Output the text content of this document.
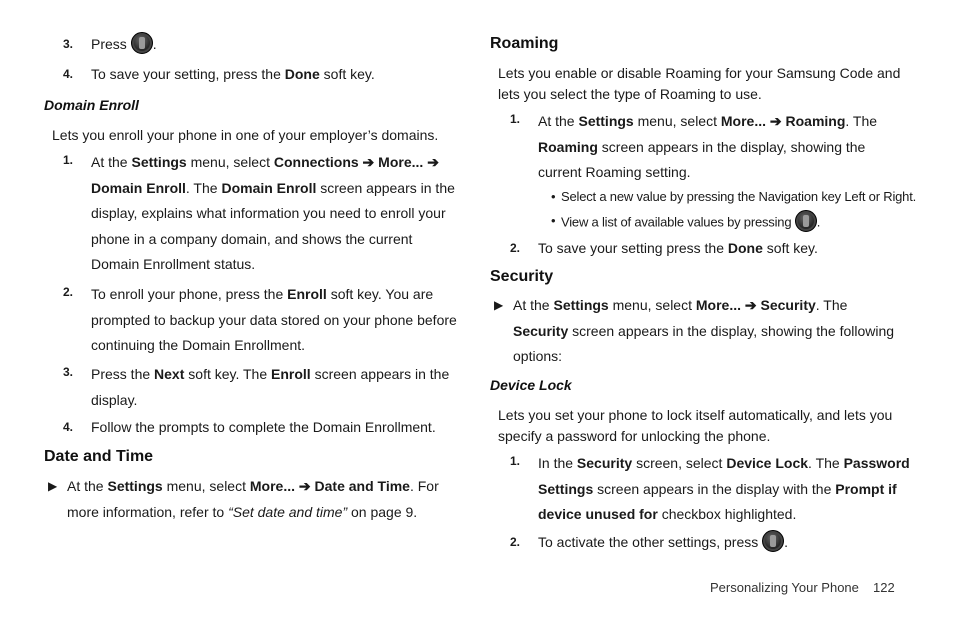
3.	Press .
4.	To save your setting, press the Done soft key.
Domain Enroll
Lets you enroll your phone in one of your employer’s domains.
1.	At the Settings menu, select Connections ➔ More... ➔
Domain Enroll. The Domain Enroll screen appears in the
display, explains what information you need to enroll your
phone in a company domain, and shows the current
Domain Enrollment status.
2.	To enroll your phone, press the Enroll soft key. You are
prompted to backup your data stored on your phone before
continuing the Domain Enrollment.
3.	Press the Next soft key. The Enroll screen appears in the
display.
4.	Follow the prompts to complete the Domain Enrollment.
Date and Time
▶ At the Settings menu, select More... ➔ Date and Time. For
more information, refer to “Set date and time” on page 9.
Roaming
Lets you enable or disable Roaming for your Samsung Code and
lets you select the type of Roaming to use.
1.	At the Settings menu, select More... ➔ Roaming. The
Roaming screen appears in the display, showing the
current Roaming setting.
• Select a new value by pressing the Navigation key Left or Right.
• View a list of available values by pressing .
2.	To save your setting press the Done soft key.
Security
▶ At the Settings menu, select More... ➔ Security. The
Security screen appears in the display, showing the following
options:
Device Lock
Lets you set your phone to lock itself automatically, and lets you
specify a password for unlocking the phone.
1.	In the Security screen, select Device Lock. The Password
Settings screen appears in the display with the Prompt if
device unused for checkbox highlighted.
2.	To activate the other settings, press .
Personalizing Your Phone 122
